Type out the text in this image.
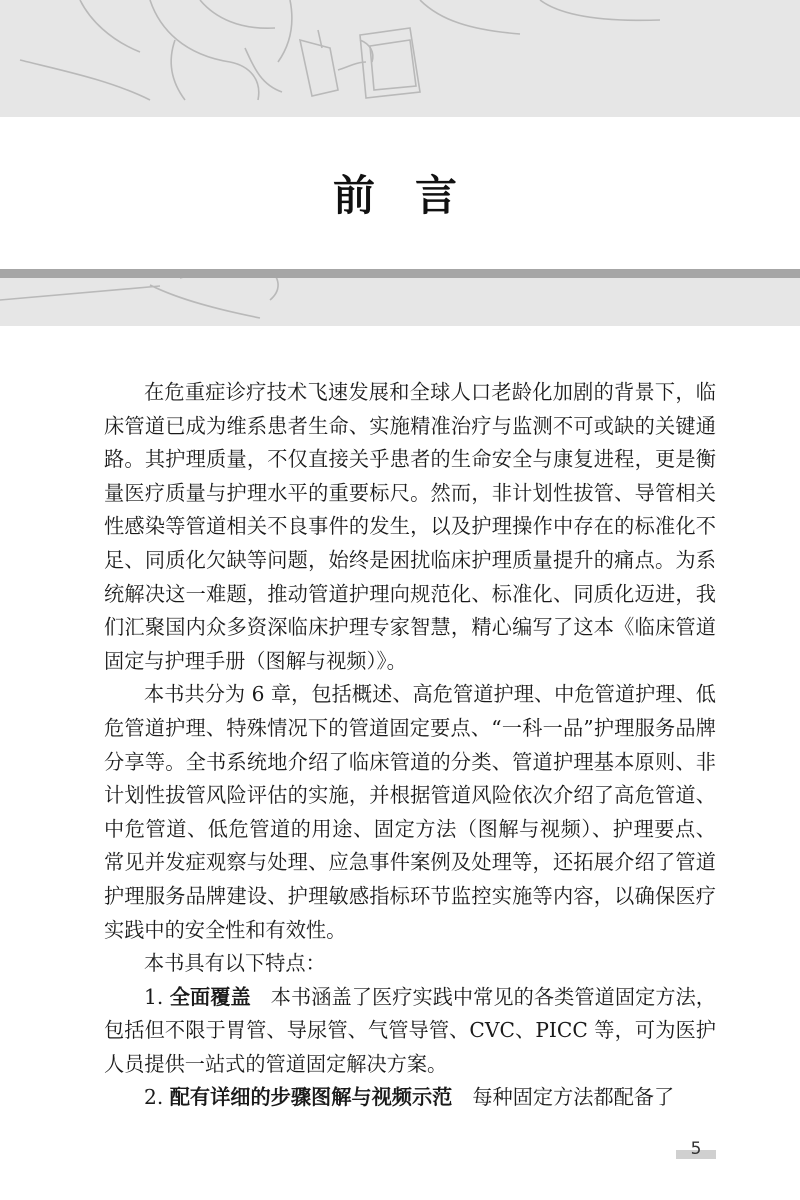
前言

在危重症诊疗技术飞速发展和全球人口老龄化加剧的背景下，临床管道已成为维系患者生命、实施精准治疗与监测不可或缺的关键通路。其护理质量，不仅直接关乎患者的生命安全与康复进程，更是衡量医疗质量与护理水平的重要标尺。然而，非计划性拔管、导管相关性感染等管道相关不良事件的发生，以及护理操作中存在的标准化不足、同质化欠缺等问题，始终是困扰临床护理质量提升的痛点。为系统解决这一难题，推动管道护理向规范化、标准化、同质化迈进，我们汇聚国内众多资深临床护理专家智慧，精心编写了这本《临床管道固定与护理手册（图解与视频）》。

本书共分为 6 章，包括概述、高危管道护理、中危管道护理、低危管道护理、特殊情况下的管道固定要点、“一科一品”护理服务品牌分享等。全书系统地介绍了临床管道的分类、管道护理基本原则、非计划性拔管风险评估的实施，并根据管道风险依次介绍了高危管道、中危管道、低危管道的用途、固定方法（图解与视频）、护理要点、常见并发症观察与处理、应急事件案例及处理等，还拓展介绍了管道护理服务品牌建设、护理敏感指标环节监控实施等内容，以确保医疗实践中的安全性和有效性。

本书具有以下特点：

1. 全面覆盖 本书涵盖了医疗实践中常见的各类管道固定方法，包括但不限于胃管、导尿管、气管导管、CVC、PICC 等，可为医护人员提供一站式的管道固定解决方案。

2. 配有详细的步骤图解与视频示范 每种固定方法都配备了

5
